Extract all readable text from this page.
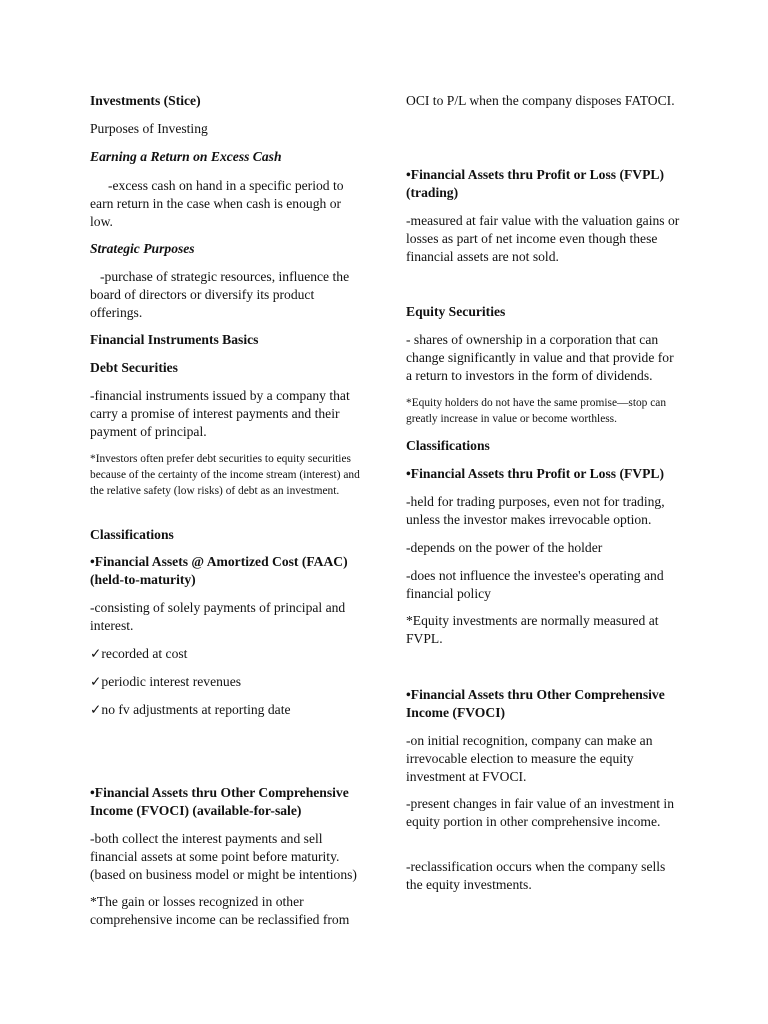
Investments (Stice)

Purposes of Investing

Earning a Return on Excess Cash

-excess cash on hand in a specific period to earn return in the case when cash is enough or low.

Strategic Purposes

-purchase of strategic resources, influence the board of directors or diversify its product offerings.

Financial Instruments Basics

Debt Securities

-financial instruments issued by a company that carry a promise of interest payments and their payment of principal.

*Investors often prefer debt securities to equity securities because of the certainty of the income stream (interest) and the relative safety (low risks) of debt as an investment.

Classifications

•Financial Assets @ Amortized Cost (FAAC) (held-to-maturity)

-consisting of solely payments of principal and interest.

✓ recorded at cost

✓ periodic interest revenues

✓ no fv adjustments at reporting date

•Financial Assets thru Other Comprehensive Income (FVOCI) (available-for-sale)

-both collect the interest payments and sell financial assets at some point before maturity. (based on business model or might be intentions)

*The gain or losses recognized in other comprehensive income can be reclassified from

OCI to P/L when the company disposes FATOCI.

•Financial Assets thru Profit or Loss (FVPL) (trading)

-measured at fair value with the valuation gains or losses as part of net income even though these financial assets are not sold.

Equity Securities

- shares of ownership in a corporation that can change significantly in value and that provide for a return to investors in the form of dividends.

*Equity holders do not have the same promise—stop can greatly increase in value or become worthless.

Classifications

•Financial Assets thru Profit or Loss (FVPL)

-held for trading purposes, even not for trading, unless the investor makes irrevocable option.

-depends on the power of the holder

-does not influence the investee's operating and financial policy

*Equity investments are normally measured at FVPL.

•Financial Assets thru Other Comprehensive Income (FVOCI)

-on initial recognition, company can make an irrevocable election to measure the equity investment at FVOCI.

-present changes in fair value of an investment in equity portion in other comprehensive income.

-reclassification occurs when the company sells the equity investments.
